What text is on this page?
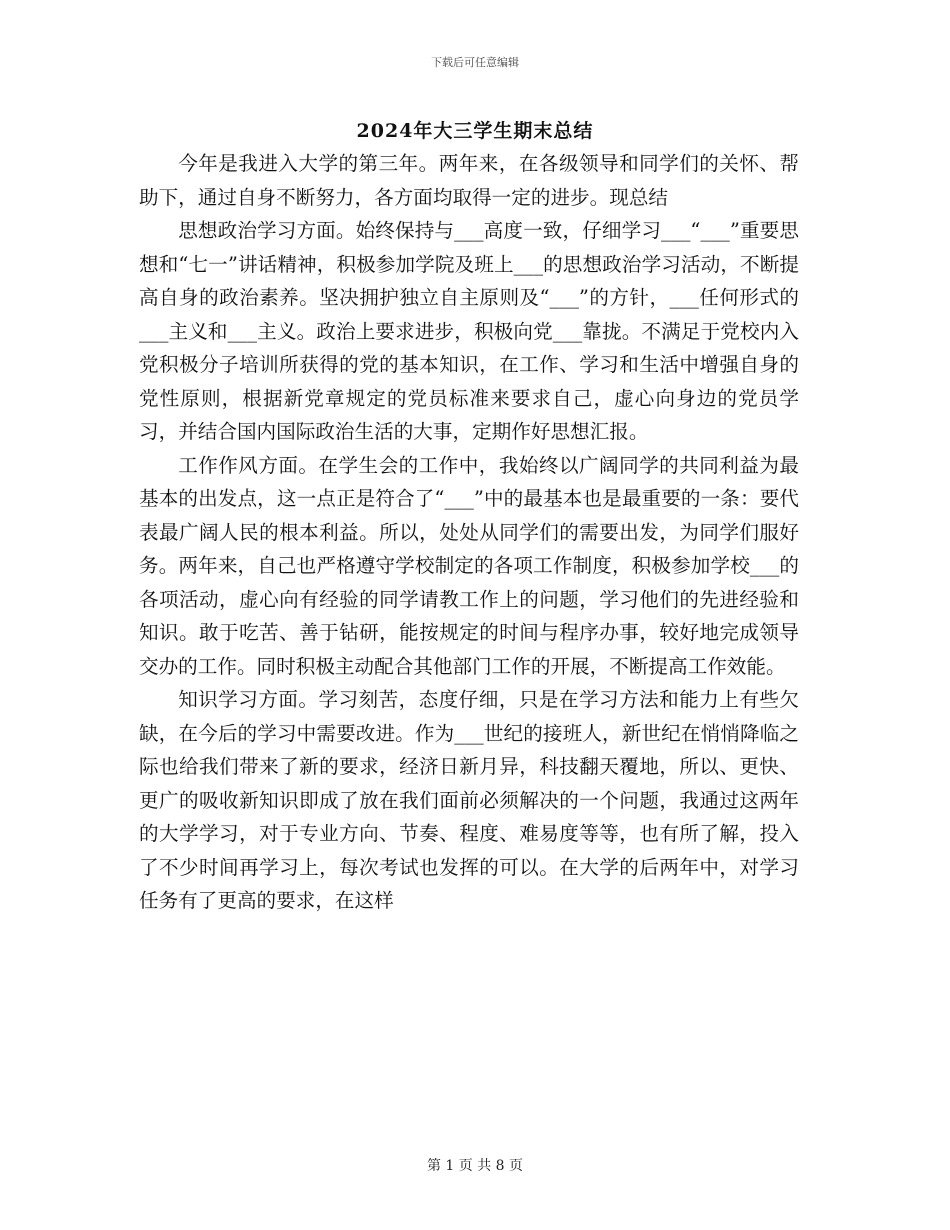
下载后可任意编辑
2024年大三学生期末总结

今年是我进入大学的第三年。两年来，在各级领导和同学们的关怀、帮助下，通过自身不断努力，各方面均取得一定的进步。现总结

思想政治学习方面。始终保持与___高度一致，仔细学习___“___”重要思想和“七一”讲话精神，积极参加学院及班上___的思想政治学习活动，不断提高自身的政治素养。坚决拥护独立自主原则及“___”的方针，___任何形式的___主义和___主义。政治上要求进步，积极向党___靠拢。不满足于党校内入党积极分子培训所获得的党的基本知识，在工作、学习和生活中增强自身的党性原则，根据新党章规定的党员标准来要求自己，虚心向身边的党员学习，并结合国内国际政治生活的大事，定期作好思想汇报。

工作作风方面。在学生会的工作中，我始终以广阔同学的共同利益为最基本的出发点，这一点正是符合了“___”中的最基本也是最重要的一条：要代表最广阔人民的根本利益。所以，处处从同学们的需要出发，为同学们服好务。两年来，自己也严格遵守学校制定的各项工作制度，积极参加学校___的各项活动，虚心向有经验的同学请教工作上的问题，学习他们的先进经验和知识。敢于吃苦、善于钻研，能按规定的时间与程序办事，较好地完成领导交办的工作。同时积极主动配合其他部门工作的开展，不断提高工作效能。

知识学习方面。学习刻苦，态度仔细，只是在学习方法和能力上有些欠缺，在今后的学习中需要改进。作为___世纪的接班人，新世纪在悄悄降临之际也给我们带来了新的要求，经济日新月异，科技翻天覆地，所以、更快、更广的吸收新知识即成了放在我们面前必须解决的一个问题，我通过这两年的大学学习，对于专业方向、节奏、程度、难易度等等，也有所了解，投入了不少时间再学习上，每次考试也发挥的可以。在大学的后两年中，对学习任务有了更高的要求，在这样

第 1 页 共 8 页
